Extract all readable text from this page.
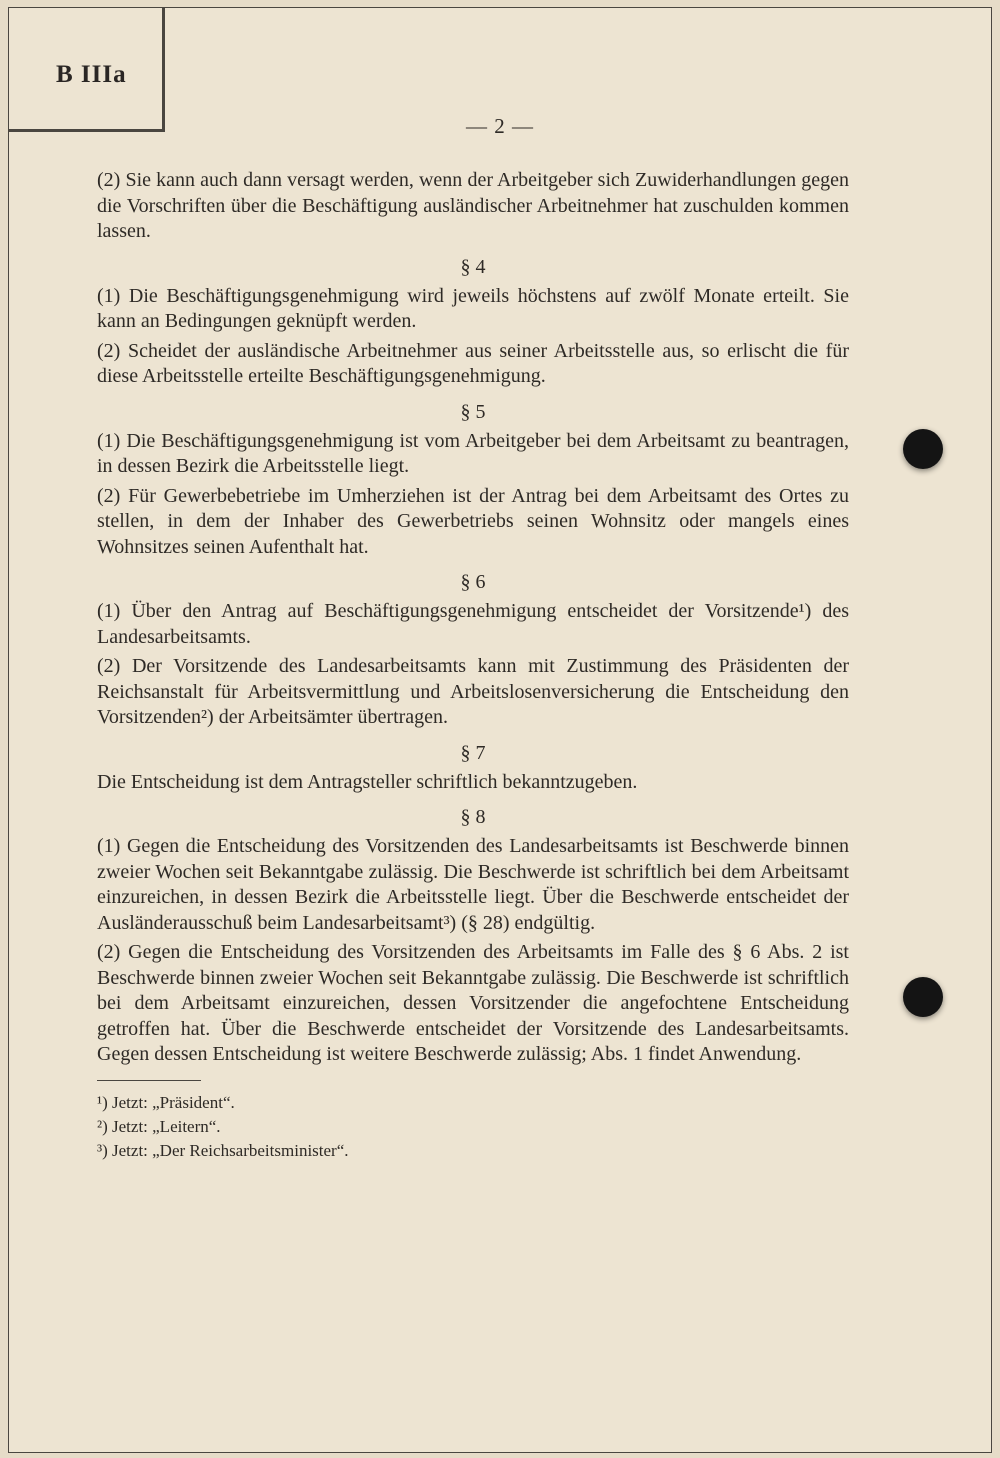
B IIIa
— 2 —

(2) Sie kann auch dann versagt werden, wenn der Arbeitgeber sich Zuwiderhandlungen gegen die Vorschriften über die Beschäftigung ausländischer Arbeitnehmer hat zuschulden kommen lassen.

§ 4

(1) Die Beschäftigungsgenehmigung wird jeweils höchstens auf zwölf Monate erteilt. Sie kann an Bedingungen geknüpft werden.

(2) Scheidet der ausländische Arbeitnehmer aus seiner Arbeitsstelle aus, so erlischt die für diese Arbeitsstelle erteilte Beschäftigungsgenehmigung.

§ 5

(1) Die Beschäftigungsgenehmigung ist vom Arbeitgeber bei dem Arbeitsamt zu beantragen, in dessen Bezirk die Arbeitsstelle liegt.

(2) Für Gewerbebetriebe im Umherziehen ist der Antrag bei dem Arbeitsamt des Ortes zu stellen, in dem der Inhaber des Gewerbetriebs seinen Wohnsitz oder mangels eines Wohnsitzes seinen Aufenthalt hat.

§ 6

(1) Über den Antrag auf Beschäftigungsgenehmigung entscheidet der Vorsitzende¹) des Landesarbeitsamts.

(2) Der Vorsitzende des Landesarbeitsamts kann mit Zustimmung des Präsidenten der Reichsanstalt für Arbeitsvermittlung und Arbeitslosenversicherung die Entscheidung den Vorsitzenden²) der Arbeitsämter übertragen.

§ 7

Die Entscheidung ist dem Antragsteller schriftlich bekanntzugeben.

§ 8

(1) Gegen die Entscheidung des Vorsitzenden des Landesarbeitsamts ist Beschwerde binnen zweier Wochen seit Bekanntgabe zulässig. Die Beschwerde ist schriftlich bei dem Arbeitsamt einzureichen, in dessen Bezirk die Arbeitsstelle liegt. Über die Beschwerde entscheidet der Ausländerausschuß beim Landesarbeitsamt³) (§ 28) endgültig.

(2) Gegen die Entscheidung des Vorsitzenden des Arbeitsamts im Falle des § 6 Abs. 2 ist Beschwerde binnen zweier Wochen seit Bekanntgabe zulässig. Die Beschwerde ist schriftlich bei dem Arbeitsamt einzureichen, dessen Vorsitzender die angefochtene Entscheidung getroffen hat. Über die Beschwerde entscheidet der Vorsitzende des Landesarbeitsamts. Gegen dessen Entscheidung ist weitere Beschwerde zulässig; Abs. 1 findet Anwendung.

¹) Jetzt: „Präsident“.

²) Jetzt: „Leitern“.

³) Jetzt: „Der Reichsarbeitsminister“.
